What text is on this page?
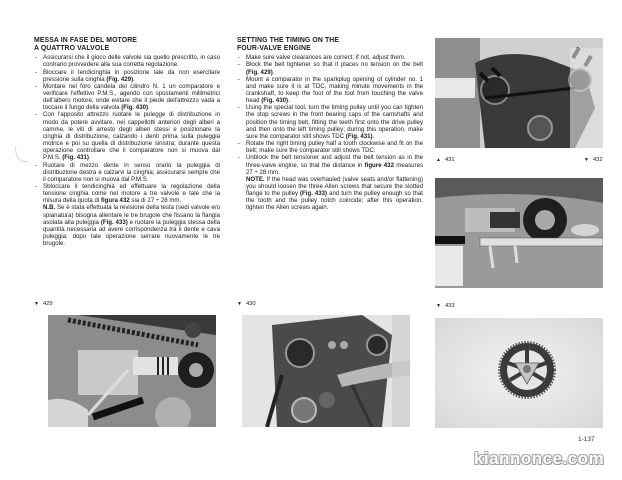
MESSA IN FASE DEL MOTORE
A QUATTRO VALVOLE
- Assicurarsi che il gioco delle valvole sia quello prescritto, in caso contrario provvedere alla sua corretta regolazione.
- Bloccare il tendicinghia in posizione tale da non esercitare pressione sulla cinghia (Fig. 429).
- Montare nel foro candela del cilindro N. 1 un comparatore e verificare l'effettivo P.M.S., agendo con spostamenti millimetrici dell'albero motore, onde evitare che il piede dell'attrezzo vada a toccare il fungo della valvola (Fig. 430).
- Con l'apposito attrezzo ruotare le pulegge di distribuzione in modo da potere avvitare, nei cappellotti anteriori degli alberi a camme, le viti di arresto degli alberi stessi e posizionare la cinghia di distribuzione, calzando i denti prima sulla puleggia motrice e poi su quella di distribuzione sinistra; durante questa operazione controllare che il comparatore non si muova dal P.M.S. (Fig. 431).
- Ruotare di mezzo dente in senso orario la puleggia di distribuzione destra e calzarvi la cinghia; assicurarsi sempre che il comparatore non si muova dal P.M.S.
- Sbloccare il tendicinghia ed effettuare la regolazione della tensione cinghia come nel motore a tre valvole e tale che la misura della quota di figura 432 sia di 27 ÷ 28 mm.
N.B. Se è stata effettuata la revisione della testa (sedi valvole e/o spianatura) bisogna allentare le tre brugole che fissano la flangia asolata alla puleggia (Fig. 433) e ruotare la puleggia stessa della quantità necessaria ad avere corrispondenza tra il dente e cava puleggia; dopo tale operazione serrare nuovamente le tre brugole.
SETTING THE TIMING ON THE
FOUR-VALVE ENGINE
- Make sure valve clearances are correct; if not, adjust them.
- Block the belt tightener so that it places no tension on the belt (Fig. 429).
- Mount a comparator in the sparkplug opening of cylinder no. 1 and make sure it is at TDC, making minute movements in the crankshaft, to keep the foot of the tool from touching the valve head (Fig. 430).
- Using the special tool, turn the timing pulley until you can tighten the stop screws in the front bearing caps of the camshafts and position the timing belt, fitting the teeth first onto the drive pulley and then onto the left timing pulley; during this operation, make sure the comparator still shows TDC (Fig. 431).
- Rotate the right timing pulley half a tooth clockwise and fit on the belt; make sure the comparator still shows TDC.
- Unblock the belt tensioner and adjust the belt tension as in the three-valve engine, so that the distance in figure 432 measures 27 ÷ 28 mm.
NOTE. If the head was overhauled (valve seats and/or flattening) you should loosen the three Allen screws that secure the slotted flange to the pulley (Fig. 433) and turn the pulley enough so that the tooth and the pulley notch coincide; after this operation, tighten the Allen screws again.
▲ 431	▼ 432
▼ 433
▼ 429	▼ 430
1-137
kiannonce.com
